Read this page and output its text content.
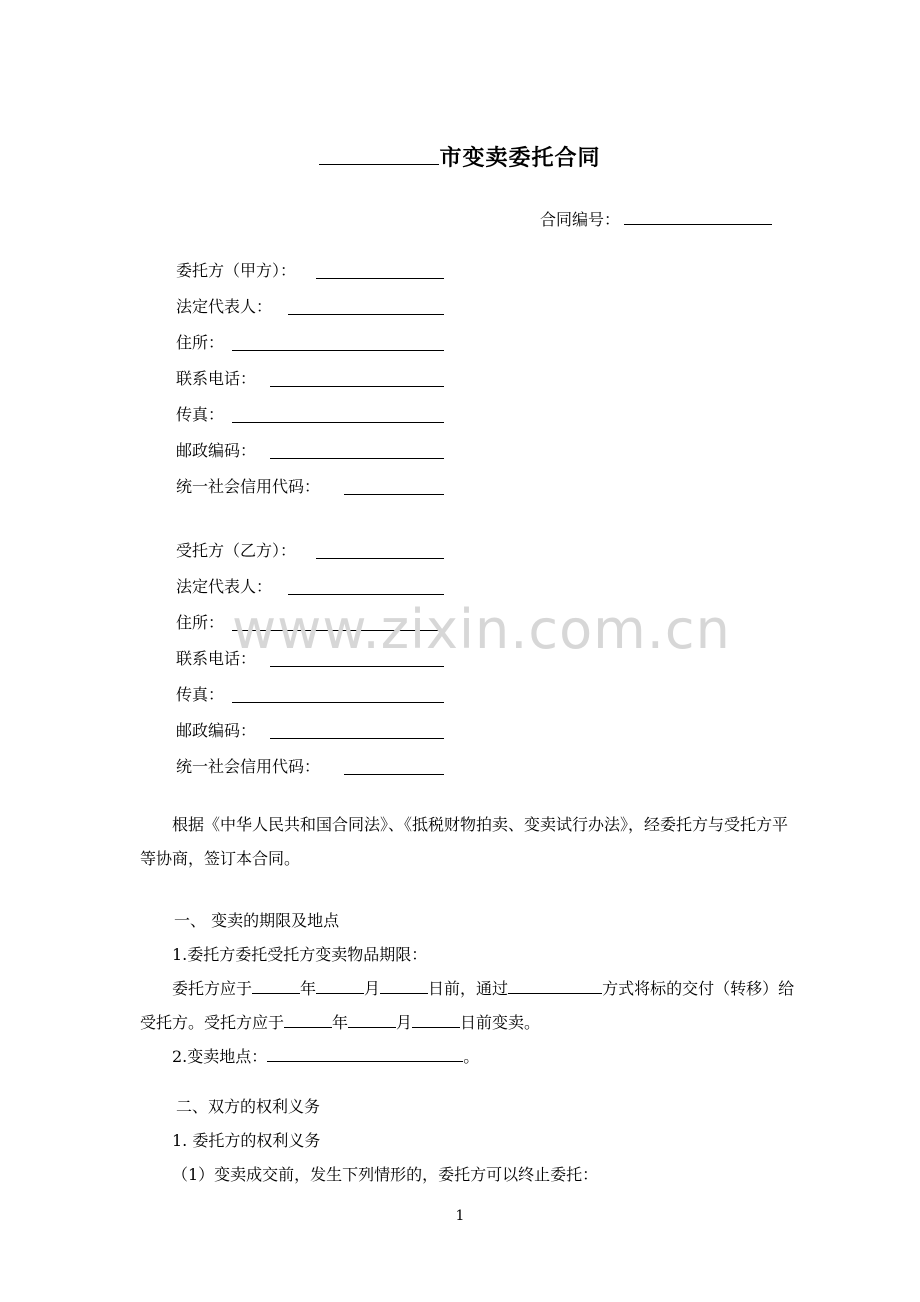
市变卖委托合同
合同编号：
委托方（甲方）：
法定代表人：
住所：
联系电话：
传真：
邮政编码：
统一社会信用代码：
受托方（乙方）：
法定代表人：
住所：
联系电话：
传真：
邮政编码：
统一社会信用代码：
www.zixin.com.cn
根据《中华人民共和国合同法》、《抵税财物拍卖、变卖试行办法》，经委托方与受托方平等协商，签订本合同。
一、 变卖的期限及地点
1.委托方委托受托方变卖物品期限：
委托方应于	年	月	日前，通过	方式将标的交付（转移）给受托方。受托方应于	年	月	日前变卖。
2.变卖地点：	。
二、双方的权利义务
1. 委托方的权利义务
（1）变卖成交前，发生下列情形的，委托方可以终止委托：
1
